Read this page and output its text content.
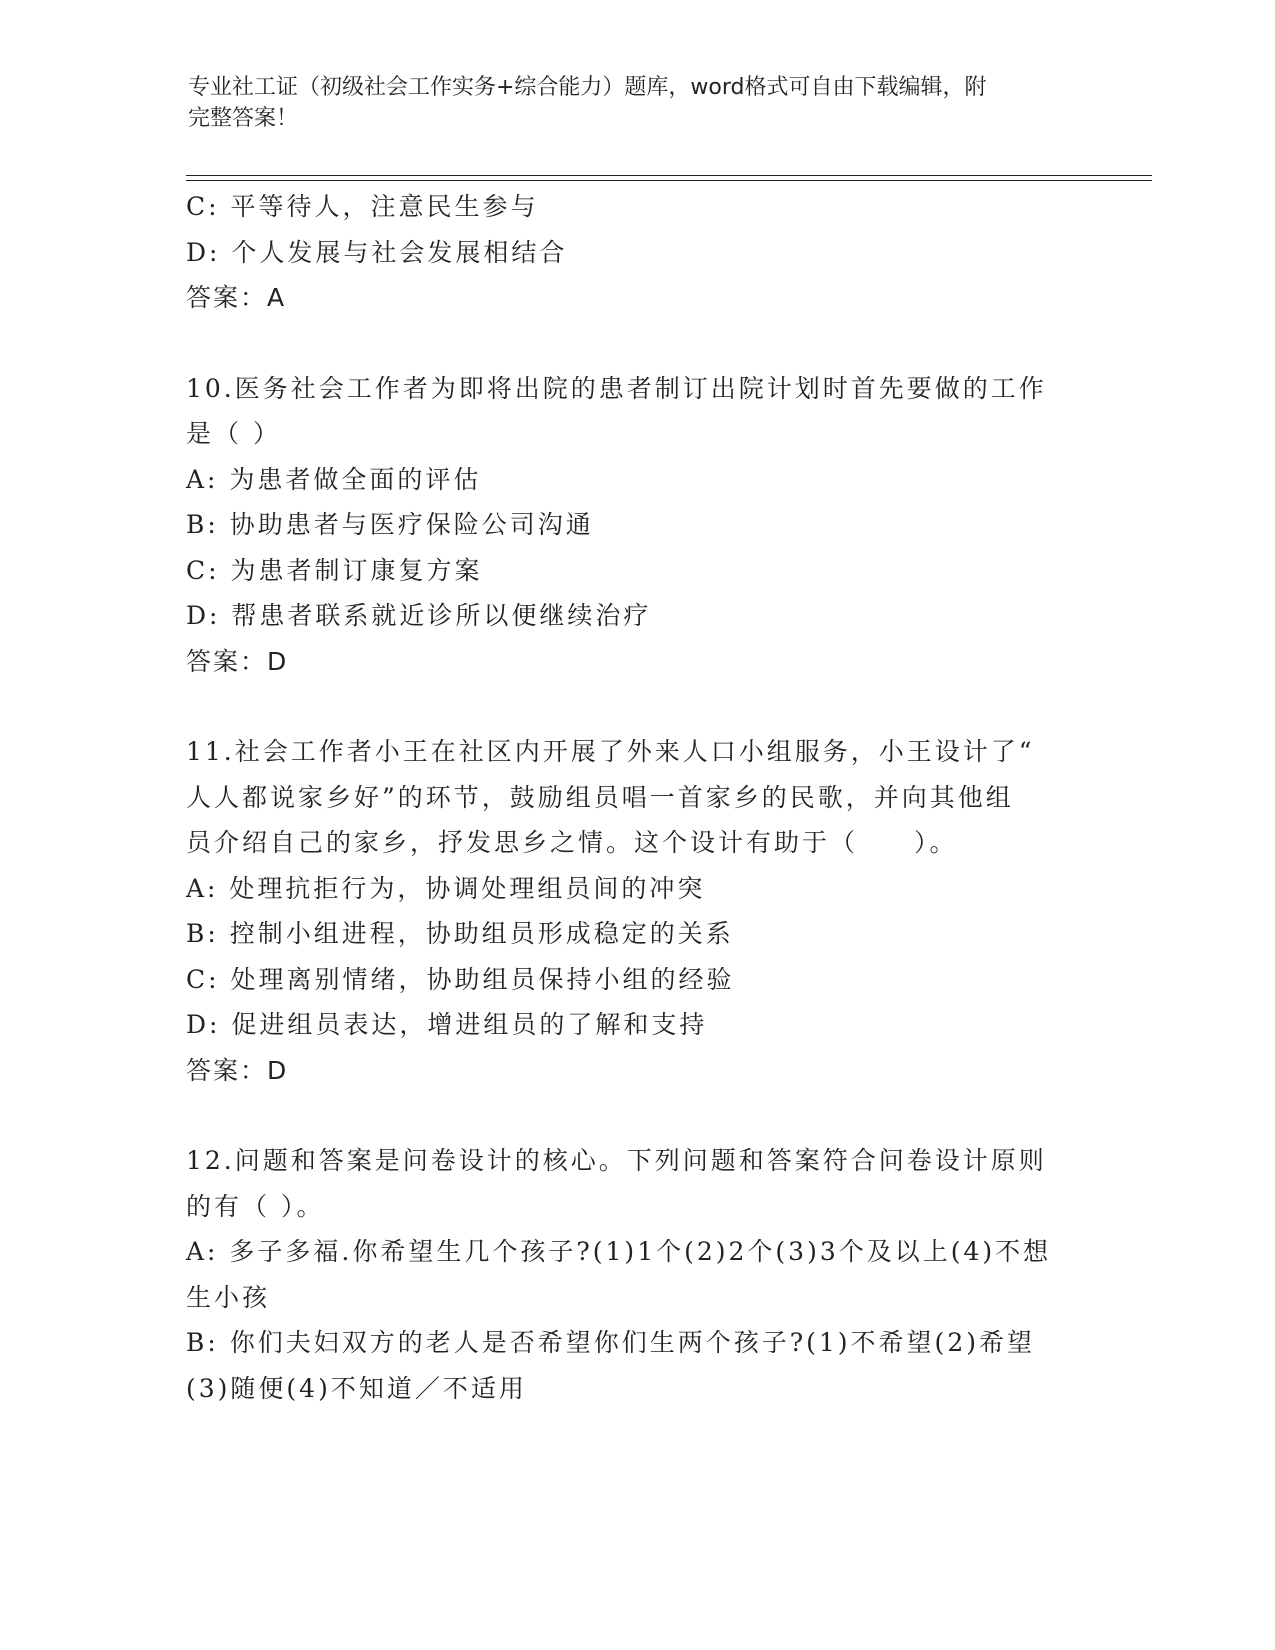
专业社工证（初级社会工作实务+综合能力）题库，word格式可自由下载编辑，附
完整答案！
C: 平等待人，注意民生参与
D: 个人发展与社会发展相结合
答案：A
10.医务社会工作者为即将出院的患者制订出院计划时首先要做的工作
是（ ）
A: 为患者做全面的评估
B: 协助患者与医疗保险公司沟通
C: 为患者制订康复方案
D: 帮患者联系就近诊所以便继续治疗
答案：D
11.社会工作者小王在社区内开展了外来人口小组服务，小王设计了“
人人都说家乡好”的环节，鼓励组员唱一首家乡的民歌，并向其他组
员介绍自己的家乡，抒发思乡之情。这个设计有助于（　　）。
A: 处理抗拒行为，协调处理组员间的冲突
B: 控制小组进程，协助组员形成稳定的关系
C: 处理离别情绪，协助组员保持小组的经验
D: 促进组员表达，增进组员的了解和支持
答案：D
12.问题和答案是问卷设计的核心。下列问题和答案符合问卷设计原则
的有（ ）。
A: 多子多福.你希望生几个孩子?(1)1个(2)2个(3)3个及以上(4)不想
生小孩
B: 你们夫妇双方的老人是否希望你们生两个孩子?(1)不希望(2)希望
(3)随便(4)不知道／不适用
